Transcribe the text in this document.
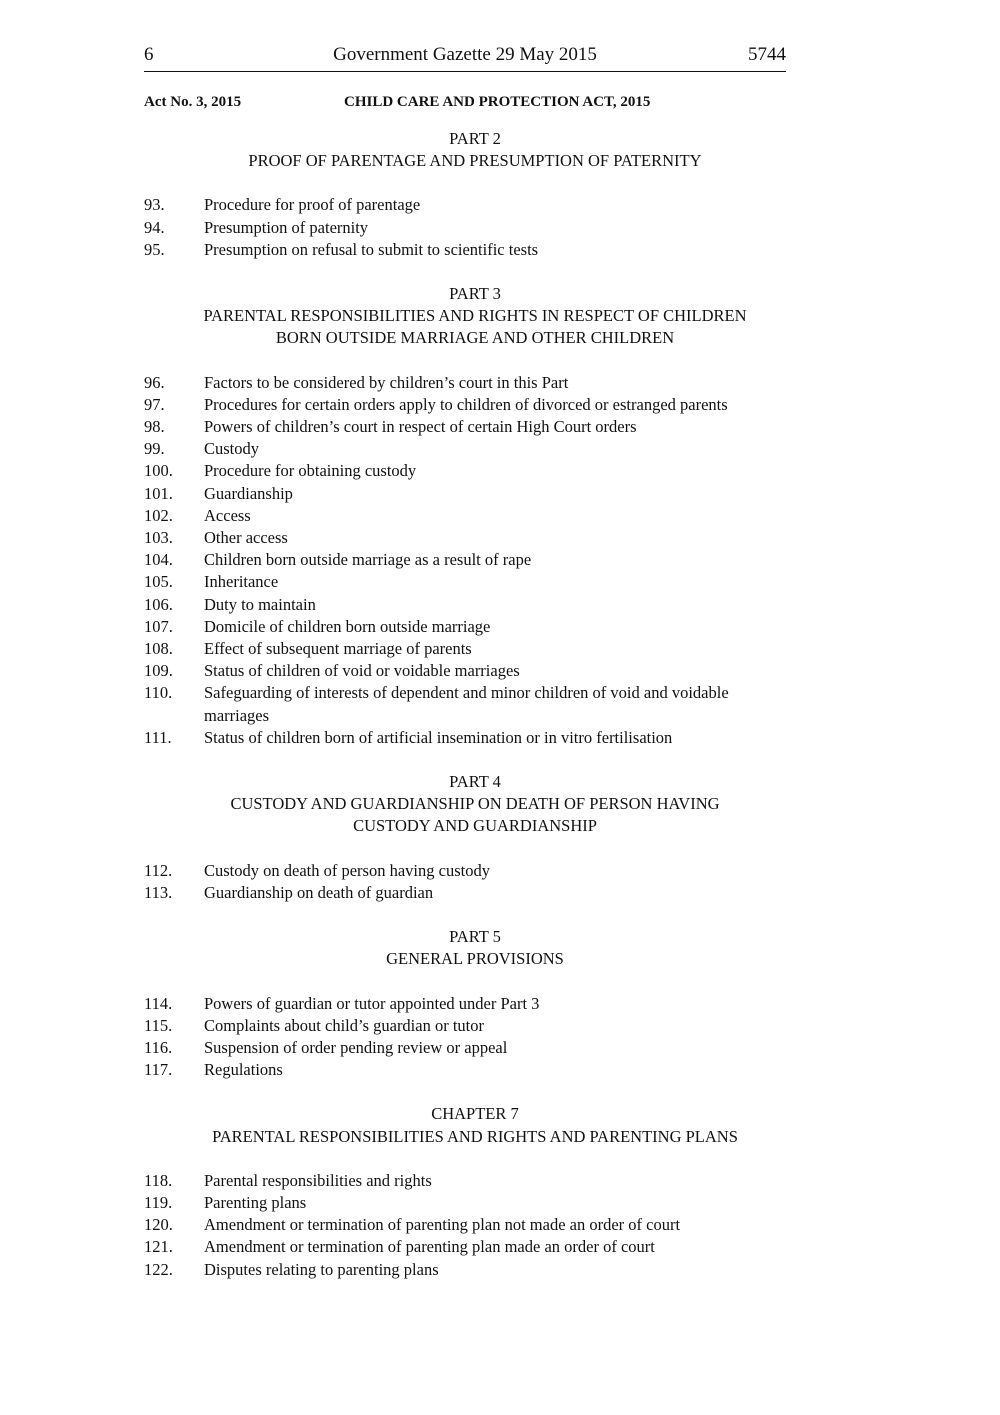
6	Government Gazette 29 May 2015	5744
Act No. 3, 2015	CHILD CARE AND PROTECTION ACT, 2015
PART 2
PROOF OF PARENTAGE AND PRESUMPTION OF PATERNITY
93.	Procedure for proof of parentage
94.	Presumption of paternity
95.	Presumption on refusal to submit to scientific tests
PART 3
PARENTAL RESPONSIBILITIES AND RIGHTS IN RESPECT OF CHILDREN
BORN OUTSIDE MARRIAGE AND OTHER CHILDREN
96.	Factors to be considered by children’s court in this Part
97.	Procedures for certain orders apply to children of divorced or estranged parents
98.	Powers of children’s court in respect of certain High Court orders
99.	Custody
100.	Procedure for obtaining custody
101.	Guardianship
102.	Access
103.	Other access
104.	Children born outside marriage as a result of rape
105.	Inheritance
106.	Duty to maintain
107.	Domicile of children born outside marriage
108.	Effect of subsequent marriage of parents
109.	Status of children of void or voidable marriages
110.	Safeguarding of interests of dependent and minor children of void and voidable marriages
111.	Status of children born of artificial insemination or in vitro fertilisation
PART 4
CUSTODY AND GUARDIANSHIP ON DEATH OF PERSON HAVING
CUSTODY AND GUARDIANSHIP
112.	Custody on death of person having custody
113.	Guardianship on death of guardian
PART 5
GENERAL PROVISIONS
114.	Powers of guardian or tutor appointed under Part 3
115.	Complaints about child’s guardian or tutor
116.	Suspension of order pending review or appeal
117.	Regulations
CHAPTER 7
PARENTAL RESPONSIBILITIES AND RIGHTS AND PARENTING PLANS
118.	Parental responsibilities and rights
119.	Parenting plans
120.	Amendment or termination of parenting plan not made an order of court
121.	Amendment or termination of parenting plan made an order of court
122.	Disputes relating to parenting plans
